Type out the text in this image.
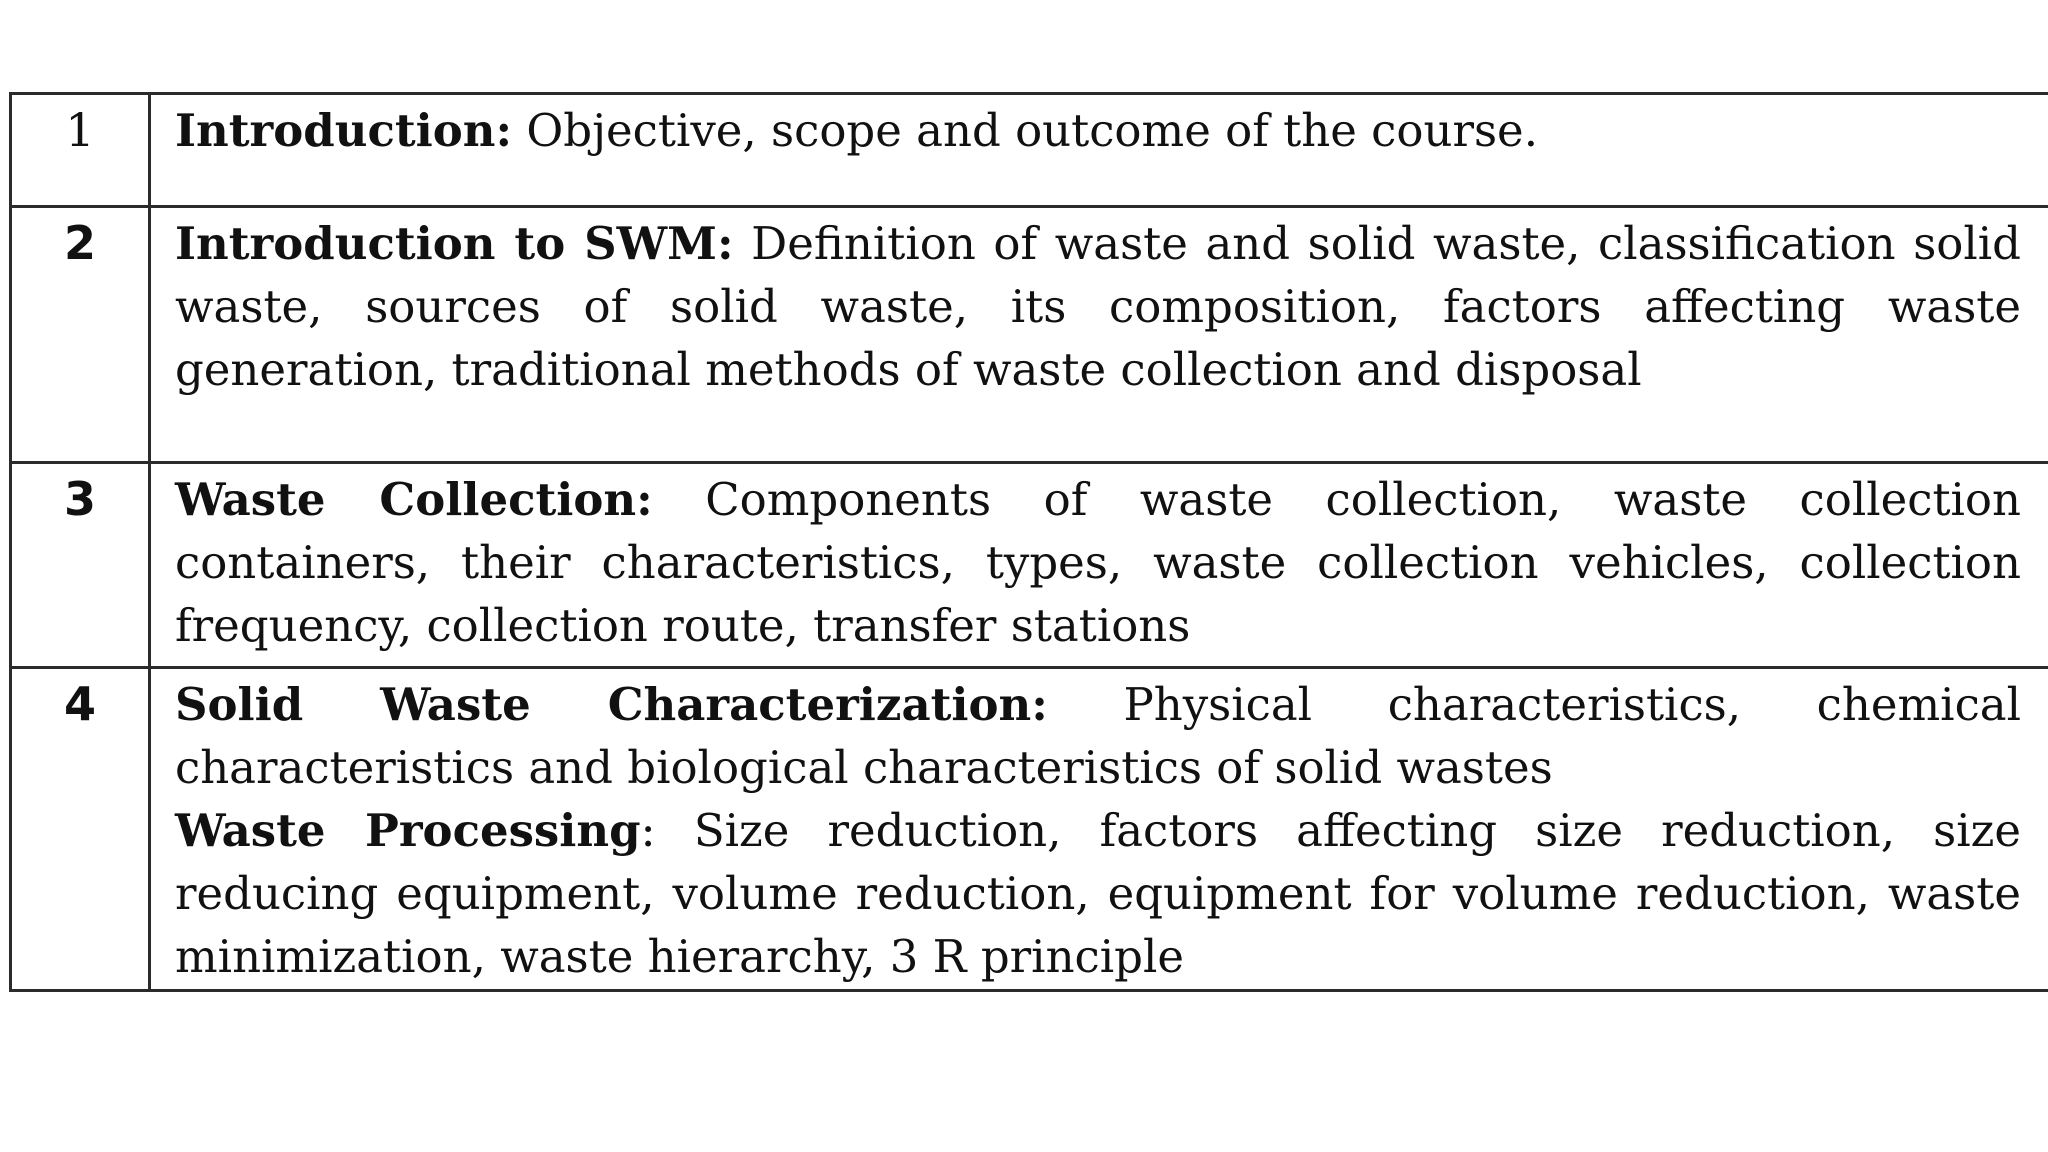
1	Introduction: Objective, scope and outcome of the course.

2	Introduction to SWM: Definition of waste and solid waste, classification solid waste, sources of solid waste, its composition, factors affecting waste generation, traditional methods of waste collection and disposal

3	Waste Collection: Components of waste collection, waste collection containers, their characteristics, types, waste collection vehicles, collection frequency, collection route, transfer stations

4	Solid Waste Characterization: Physical characteristics, chemical characteristics and biological characteristics of solid wastes
Waste Processing: Size reduction, factors affecting size reduction, size reducing equipment, volume reduction, equipment for volume reduction, waste minimization, waste hierarchy, 3 R principle
